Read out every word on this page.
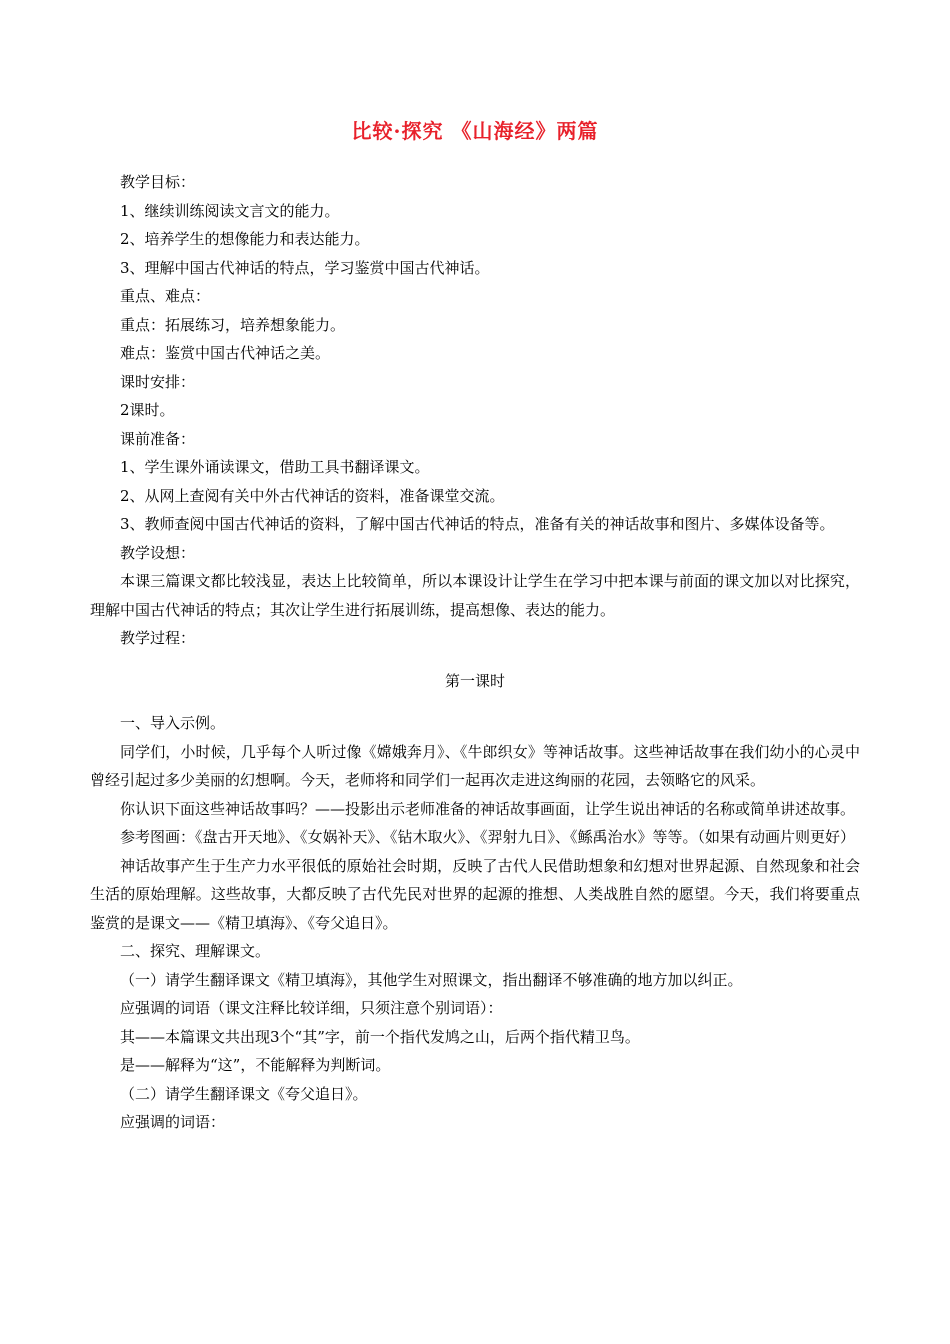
比较·探究 《山海经》两篇

教学目标：

1、继续训练阅读文言文的能力。

2、培养学生的想像能力和表达能力。

3、理解中国古代神话的特点，学习鉴赏中国古代神话。

重点、难点：

重点：拓展练习，培养想象能力。

难点：鉴赏中国古代神话之美。

课时安排：

2课时。

课前准备：

1、学生课外诵读课文，借助工具书翻译课文。

2、从网上查阅有关中外古代神话的资料，准备课堂交流。

3、教师查阅中国古代神话的资料，了解中国古代神话的特点，准备有关的神话故事和图片、多媒体设备等。

教学设想：

本课三篇课文都比较浅显，表达上比较简单，所以本课设计让学生在学习中把本课与前面的课文加以对比探究，理解中国古代神话的特点；其次让学生进行拓展训练，提高想像、表达的能力。

教学过程：

第一课时

一、导入示例。

同学们，小时候，几乎每个人听过像《嫦娥奔月》、《牛郎织女》等神话故事。这些神话故事在我们幼小的心灵中曾经引起过多少美丽的幻想啊。今天，老师将和同学们一起再次走进这绚丽的花园，去领略它的风采。

你认识下面这些神话故事吗？——投影出示老师准备的神话故事画面，让学生说出神话的名称或简单讲述故事。

参考图画：《盘古开天地》、《女娲补天》、《钻木取火》、《羿射九日》、《鲧禹治水》等等。（如果有动画片则更好）

神话故事产生于生产力水平很低的原始社会时期，反映了古代人民借助想象和幻想对世界起源、自然现象和社会生活的原始理解。这些故事，大都反映了古代先民对世界的起源的推想、人类战胜自然的愿望。今天，我们将要重点鉴赏的是课文——《精卫填海》、《夸父追日》。

二、探究、理解课文。

（一）请学生翻译课文《精卫填海》，其他学生对照课文，指出翻译不够准确的地方加以纠正。

应强调的词语（课文注释比较详细，只须注意个别词语）：

其——本篇课文共出现3个“其”字，前一个指代发鸠之山，后两个指代精卫鸟。

是——解释为“这”，不能解释为判断词。

（二）请学生翻译课文《夸父追日》。

应强调的词语：
